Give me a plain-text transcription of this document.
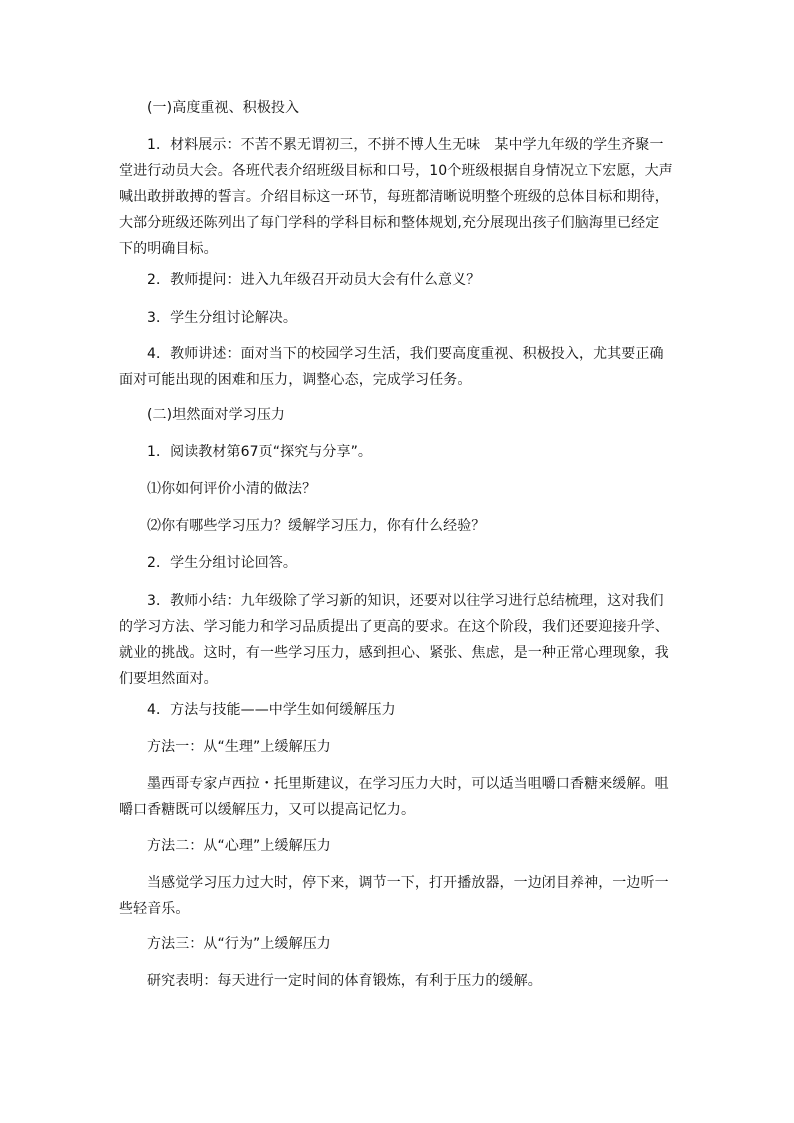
(一)高度重视、积极投入

1．材料展示：不苦不累无谓初三，不拼不博人生无味　某中学九年级的学生齐聚一堂进行动员大会。各班代表介绍班级目标和口号，10个班级根据自身情况立下宏愿，大声喊出敢拼敢搏的誓言。介绍目标这一环节，每班都清晰说明整个班级的总体目标和期待，大部分班级还陈列出了每门学科的学科目标和整体规划,充分展现出孩子们脑海里已经定下的明确目标。

2．教师提问：进入九年级召开动员大会有什么意义？

3．学生分组讨论解决。

4．教师讲述：面对当下的校园学习生活，我们要高度重视、积极投入，尤其要正确面对可能出现的困难和压力，调整心态，完成学习任务。

(二)坦然面对学习压力

1．阅读教材第67页“探究与分享”。

⑴你如何评价小清的做法？

⑵你有哪些学习压力？缓解学习压力，你有什么经验？

2．学生分组讨论回答。

3．教师小结：九年级除了学习新的知识，还要对以往学习进行总结梳理，这对我们的学习方法、学习能力和学习品质提出了更高的要求。在这个阶段，我们还要迎接升学、就业的挑战。这时，有一些学习压力，感到担心、紧张、焦虑，是一种正常心理现象，我们要坦然面对。

4．方法与技能——中学生如何缓解压力

方法一：从“生理”上缓解压力

墨西哥专家卢西拉・托里斯建议，在学习压力大时，可以适当咀嚼口香糖来缓解。咀嚼口香糖既可以缓解压力，又可以提高记忆力。

方法二：从“心理”上缓解压力

当感觉学习压力过大时，停下来，调节一下，打开播放器，一边闭目养神，一边听一些轻音乐。

方法三：从“行为”上缓解压力

研究表明：每天进行一定时间的体育锻炼，有利于压力的缓解。
